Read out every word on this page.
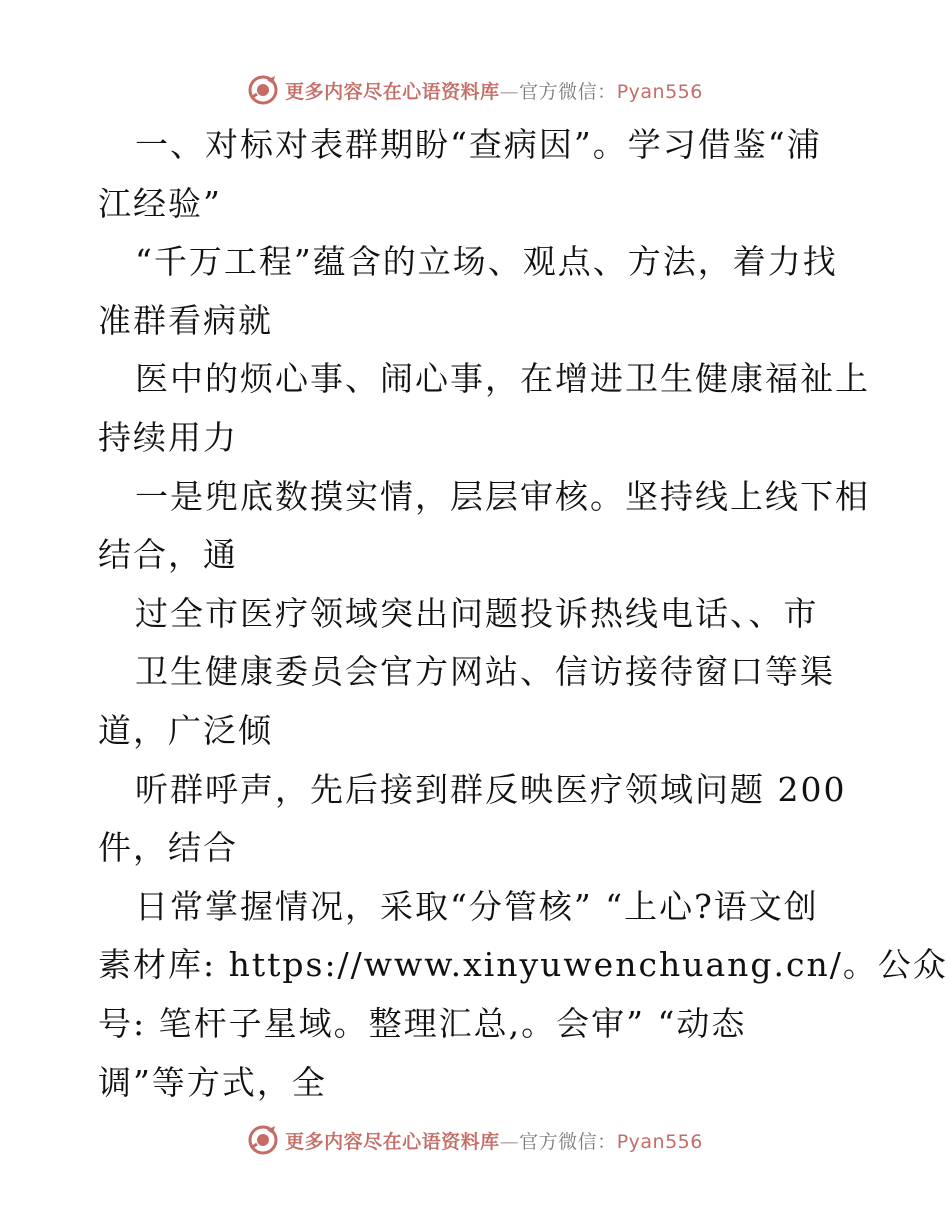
更多内容尽在心语资料库—官方微信：Pyan556
一、对标对表群期盼“查病因”。学习借鉴“浦
江经验”
“千万工程”蕴含的立场、观点、方法，着力找
准群看病就
医中的烦心事、闹心事，在增进卫生健康福祉上
持续用力
一是兜底数摸实情，层层审核。坚持线上线下相
结合，通
过全市医疗领域突出问题投诉热线电话、、市
卫生健康委员会官方网站、信访接待窗口等渠
道，广泛倾
听群呼声，先后接到群反映医疗领域问题 200
件，结合
日常掌握情况，采取“分管核” “上心?语文创
素材库: https://www.xinyuwenchuang.cn/。公众
号: 笔杆子星域。整理汇总,。会审” “动态
调”等方式，全
更多内容尽在心语资料库—官方微信：Pyan556
